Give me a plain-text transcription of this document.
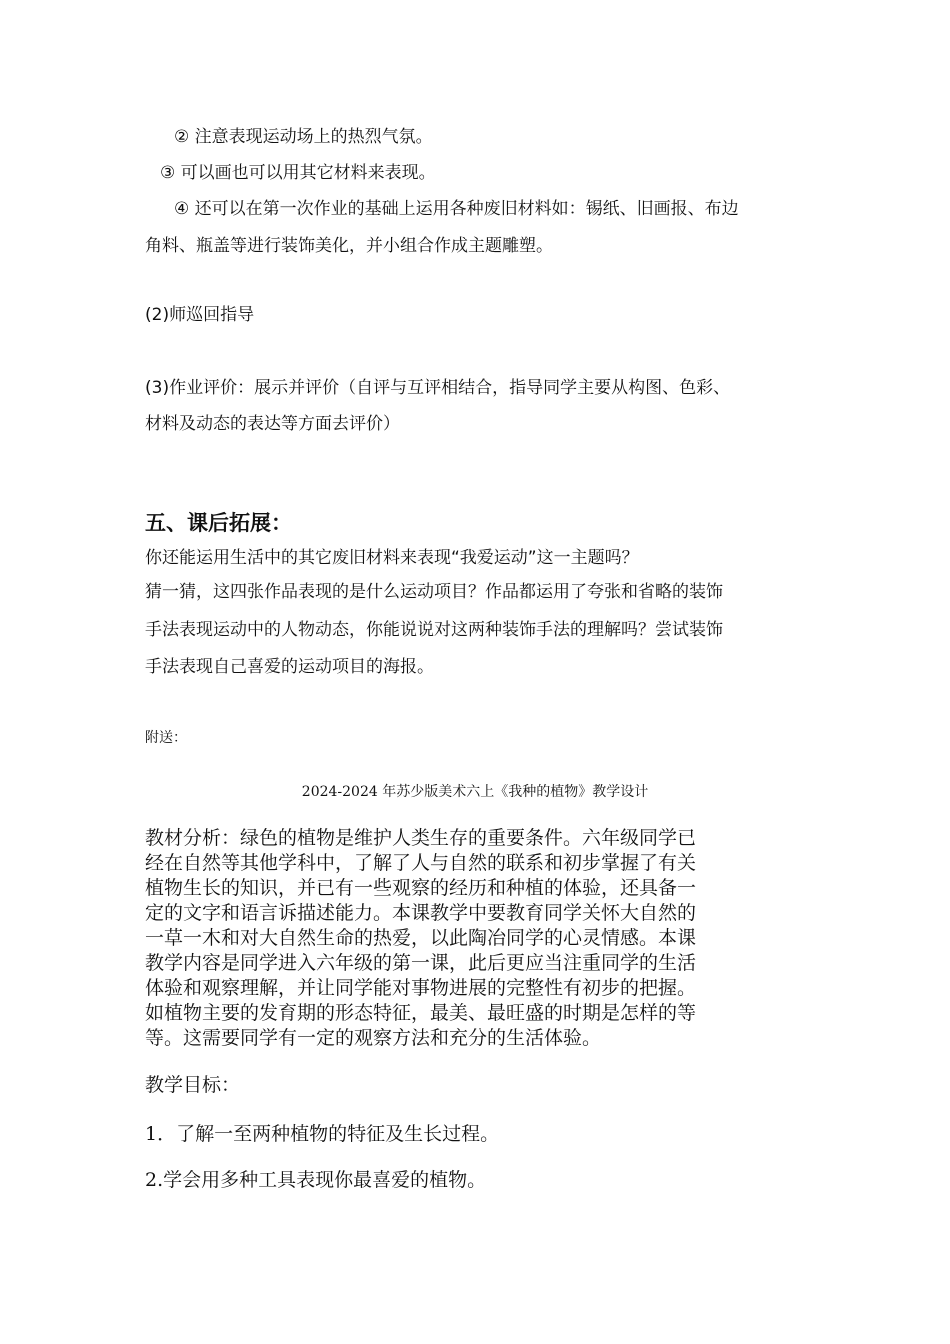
② 注意表现运动场上的热烈气氛。
③ 可以画也可以用其它材料来表现。
④ 还可以在第一次作业的基础上运用各种废旧材料如：锡纸、旧画报、布边
角料、瓶盖等进行装饰美化，并小组合作成主题雕塑。
(2)师巡回指导
(3)作业评价：展示并评价（自评与互评相结合，指导同学主要从构图、色彩、
材料及动态的表达等方面去评价）
五、课后拓展：
你还能运用生活中的其它废旧材料来表现“我爱运动”这一主题吗？
猜一猜，这四张作品表现的是什么运动项目？作品都运用了夸张和省略的装饰
手法表现运动中的人物动态，你能说说对这两种装饰手法的理解吗？尝试装饰
手法表现自己喜爱的运动项目的海报。
附送：
2024-2024 年苏少版美术六上《我种的植物》教学设计
教材分析：绿色的植物是维护人类生存的重要条件。六年级同学已
经在自然等其他学科中，了解了人与自然的联系和初步掌握了有关
植物生长的知识，并已有一些观察的经历和种植的体验，还具备一
定的文字和语言诉描述能力。本课教学中要教育同学关怀大自然的
一草一木和对大自然生命的热爱，以此陶冶同学的心灵情感。本课
教学内容是同学进入六年级的第一课，此后更应当注重同学的生活
体验和观察理解，并让同学能对事物进展的完整性有初步的把握。
如植物主要的发育期的形态特征，最美、最旺盛的时期是怎样的等
等。这需要同学有一定的观察方法和充分的生活体验。
教学目标：
1．了解一至两种植物的特征及生长过程。
2.学会用多种工具表现你最喜爱的植物。
